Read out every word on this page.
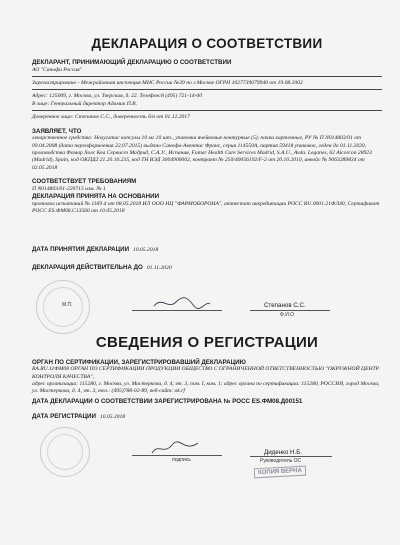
ДЕКЛАРАЦИЯ О СООТВЕТСТВИИ
ДЕКЛАРАНТ, ПРИНИМАЮЩИЙ ДЕКЛАРАЦИЮ О СООТВЕТСТВИИ
АО "Санофи Россия"
Зарегистрировано - Межрайонная инспекция МНС России №39 по г.Москве ОГРН 1027739079940 от 19.08.2002
Адрес: 125009, г. Москва, ул. Тверская, д. 22. Телефон:8 (495) 721-14-00
В лице: Генеральный директор Адамик П.В.
Доверенное лицо: Степанов С.С., доверенность б/н от 01.12.2017
ЗАЯВЛЯЕТ, ЧТО
лекарственное средство: Нолуглтас капсулы 10 мг 10 шт., упаковки ячейковые контурные (5), пачки картонные, РУ № П N014803/01 от 09.04.2008 (дата переоформления 22.07.2015) выдано Санофи-Авентис Франс, серия 114550A, партия 59418 упаковок, годен до 01.11.2020, производства Фамар Холс Кеа Сервисез Мадрид, С.А.У., Испания, Famar Health Care Services Madrid, S.A.U., Avda. Leganes, 62 Alcorcon 28923 (Madrid), Spain, код ОКПД2 21.20.10.235, код ТН ВЭД 3004900002, контракт № 250/40056192/F-2 от 20.10.2010, инвойс № 9063289834 от 02.05.2018
СООТВЕТСТВУЕТ ТРЕБОВАНИЯМ
П N014803/01-220715 изм. № 1
ДЕКЛАРАЦИЯ ПРИНЯТА НА ОСНОВАНИИ
протокол испытаний № 1169 d от 08.05.2018 ИЛ ООО НЦ "ФАРМОБОРОНА", аттестат аккредитации РОСС RU.0001.21ФЛ40, Сертификат РОСС ES.ФМ08.С13560 от 10.05.2018
ДАТА ПРИНЯТИЯ ДЕКЛАРАЦИИ 10.05.2018
ДЕКЛАРАЦИЯ ДЕЙСТВИТЕЛЬНА ДО 01.11.2020
М.П.	Степанов С.С.
Ф.И.О
СВЕДЕНИЯ О РЕГИСТРАЦИИ
ОРГАН ПО СЕРТИФИКАЦИИ, ЗАРЕГИСТРИРОВАВШИЙ ДЕКЛАРАЦИЮ
RA.RU.11ФМ08 ОРГАН ПО СЕРТИФИКАЦИИ ПРОДУКЦИИ ОБЩЕСТВО С ОГРАНИЧЕННОЙ ОТВЕТСТВЕННОСТЬЮ "ОКРУЖНОЙ ЦЕНТР КОНТРОЛЯ КАЧЕСТВА",
адрес организации: 115280, г. Москва, ул. Мастеркова, д. 4, эт. 3, пом. I, ком. 1; адрес органа по сертификации: 115280, РОССИЯ, город Москва, ул. Мастеркова, д. 4, эт. 3, тел.: (495)788-02-89, веб-сайт: ok.rf
ДАТА ДЕКЛАРАЦИИ О СООТВЕТСТВИИ ЗАРЕГИСТРИРОВАНА № РОСС ES.ФМ08.Д00151
ДАТА РЕГИСТРАЦИИ 10.05.2018
подпись
Диденко Н.Б.
Руководитель ОС
КОПИЯ ВЕРНА
